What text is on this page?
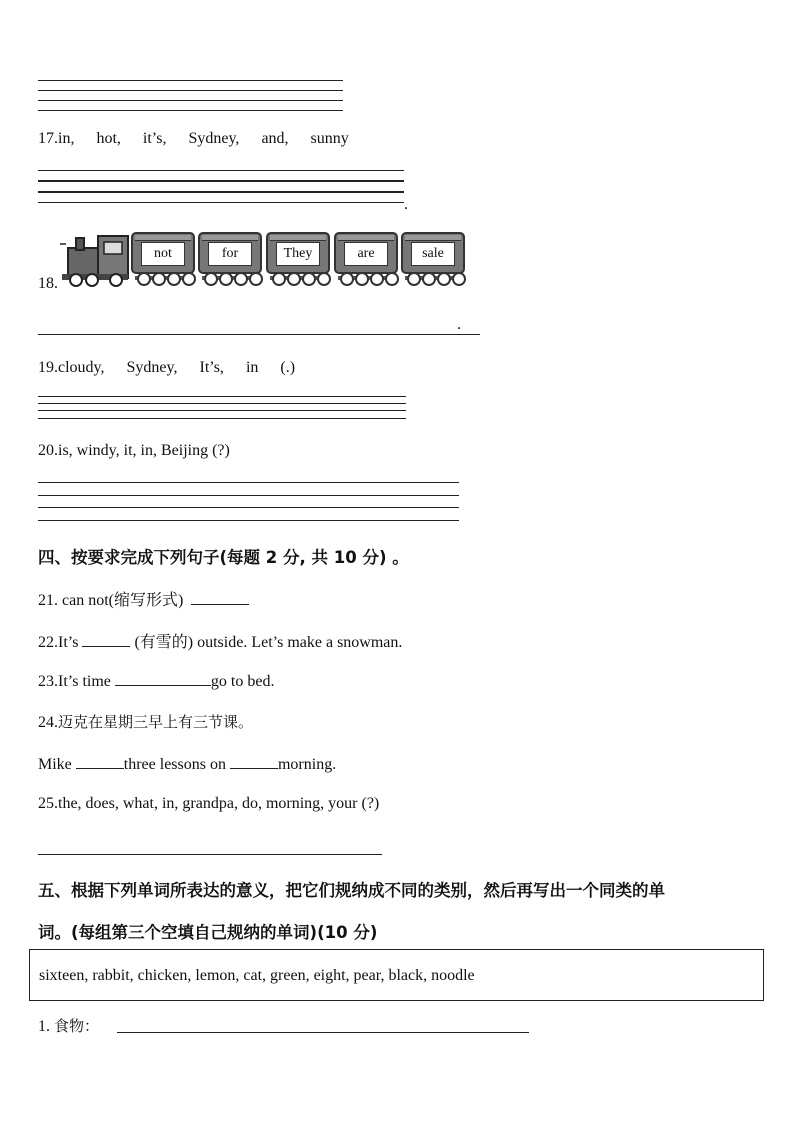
17.in, hot, it’s, Sydney, and, sunny
.
18.
not	for	They	are	sale
.
19.cloudy, Sydney, It’s, in (.)
20.is, windy, it, in, Beijing (?)
四、按要求完成下列句子(每题 2 分, 共 10 分) 。
21. can not(缩写形式)
22.It’s	(有雪的) outside. Let’s make a snowman.
23.It’s time	go to bed.
24.迈克在星期三早上有三节课。
Mike	three lessons on	morning.
25.the, does, what, in, grandpa, do, morning, your (?)
五、根据下列单词所表达的意义，把它们规纳成不同的类别，然后再写出一个同类的单
词。(每组第三个空填自己规纳的单词)(10 分)
sixteen, rabbit, chicken, lemon, cat, green, eight, pear, black, noodle
1. 食物：
